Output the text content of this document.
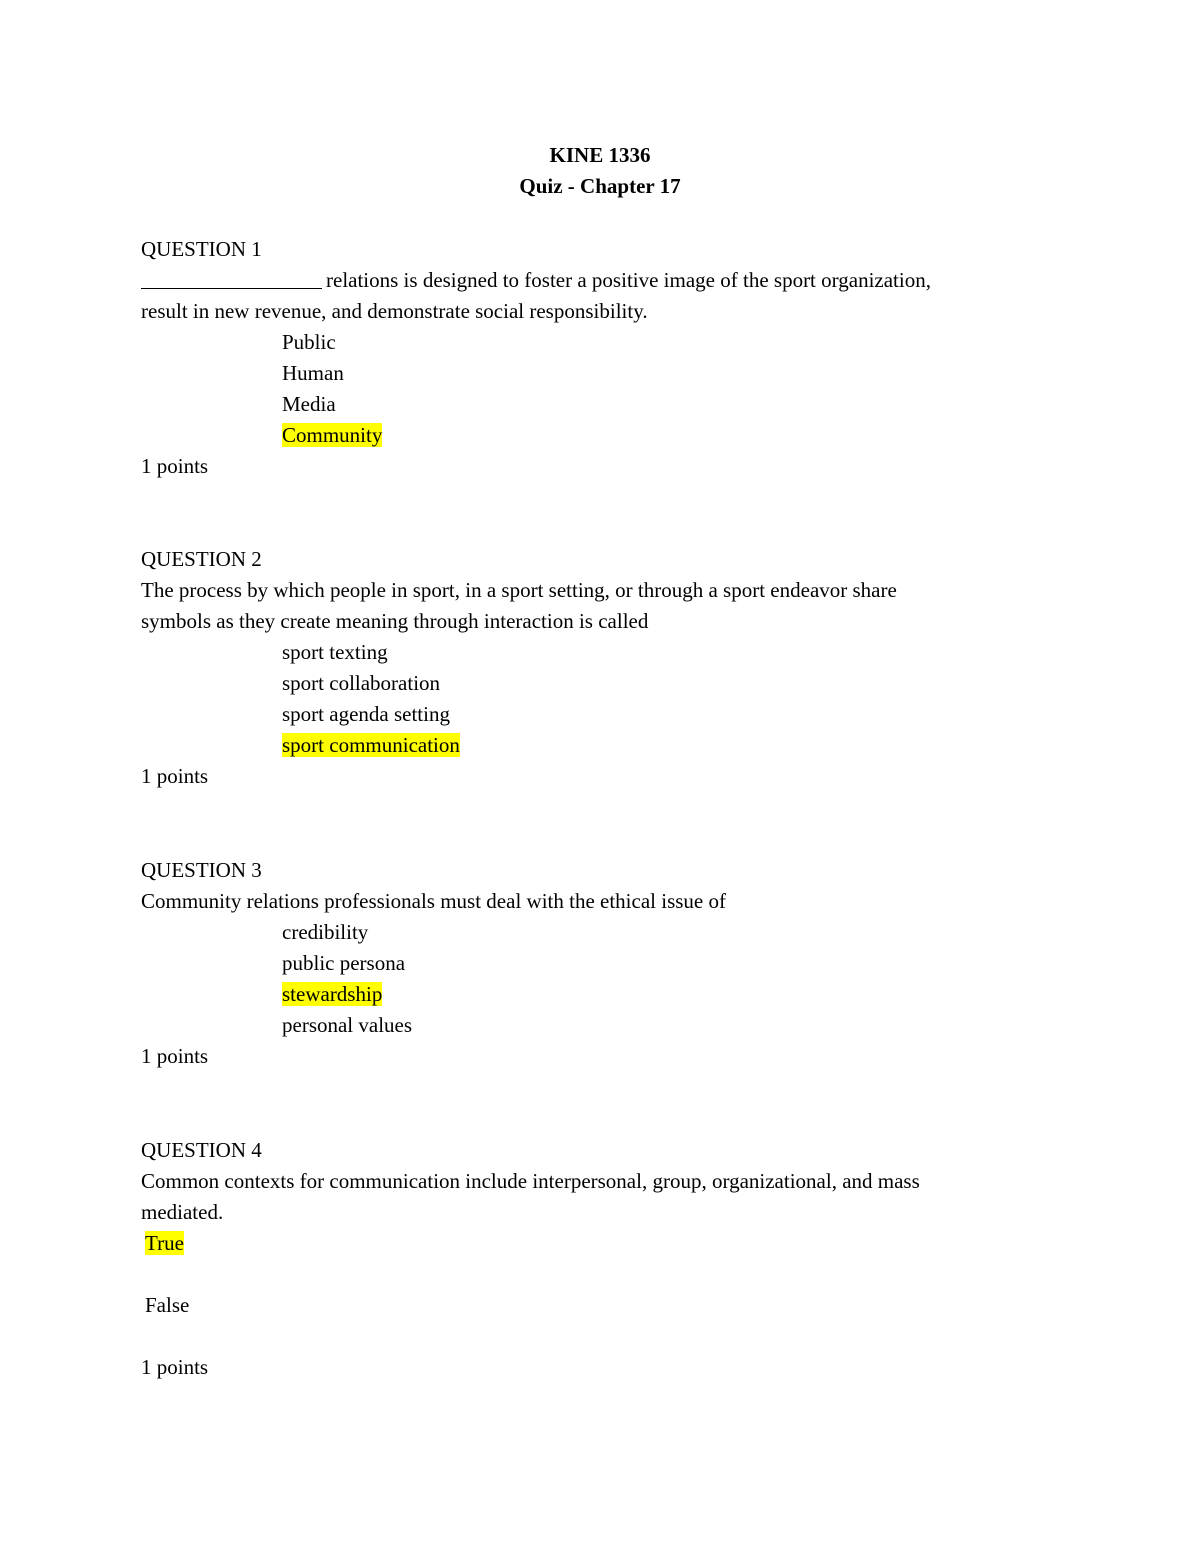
KINE 1336
Quiz - Chapter 17
QUESTION 1
relations is designed to foster a positive image of the sport organization,
result in new revenue, and demonstrate social responsibility.
Public
Human
Media
Community
1 points
QUESTION 2
The process by which people in sport, in a sport setting, or through a sport endeavor share
symbols as they create meaning through interaction is called
sport texting
sport collaboration
sport agenda setting
sport communication
1 points
QUESTION 3
Community relations professionals must deal with the ethical issue of
credibility
public persona
stewardship
personal values
1 points
QUESTION 4
Common contexts for communication include interpersonal, group, organizational, and mass
mediated.
True
False
1 points
